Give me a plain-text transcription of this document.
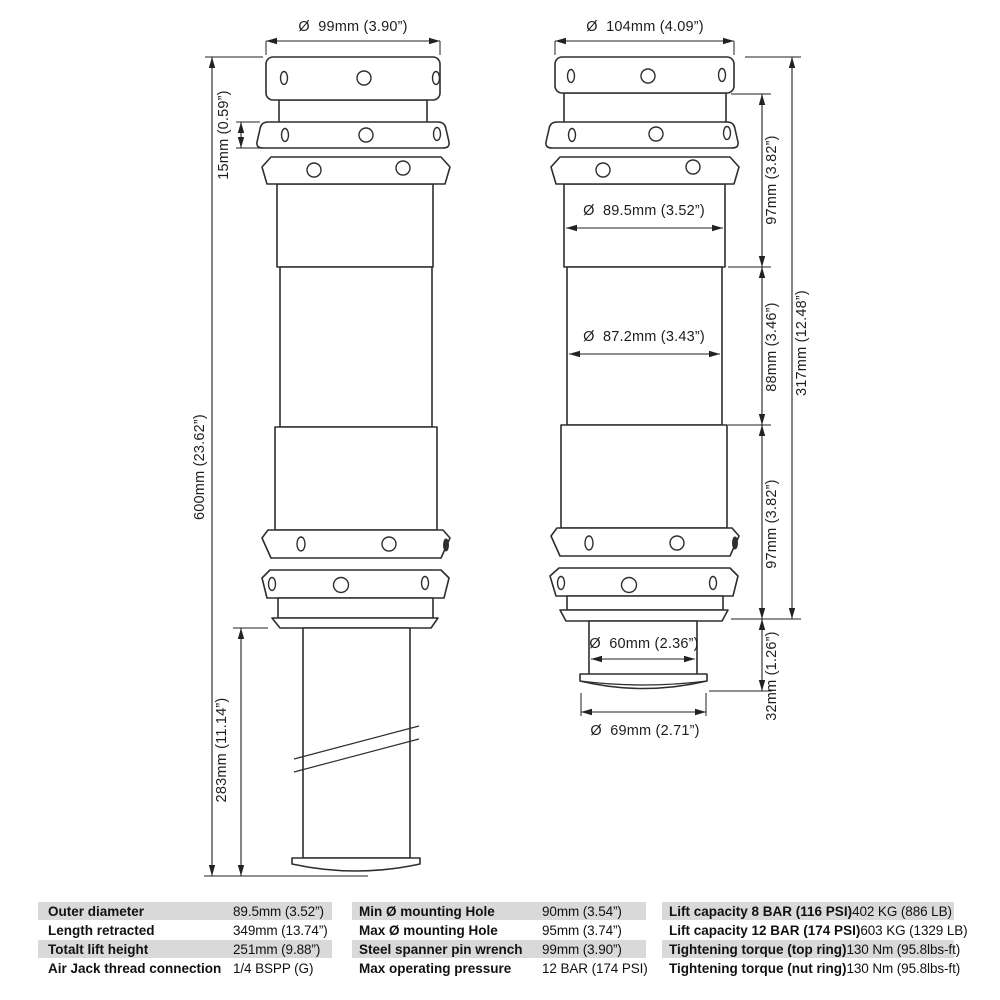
Ø  99mm (3.90”)
600mm (23.62”)
15mm (0.59”)
283mm (11.14”)
Ø  104mm (4.09”)
Ø  89.5mm (3.52”)
Ø  87.2mm (3.43”)
Ø  60mm (2.36”)
Ø  69mm (2.71”)
97mm (3.82”)
88mm (3.46”)
97mm (3.82”)
32mm (1.26”)
317mm (12.48”)
Outer diameter	89.5mm (3.52”)
Length retracted	349mm (13.74”)
Totalt lift height	251mm (9.88”)
Air Jack thread connection 1/4 BSPP (G)
Min Ø mounting Hole	90mm (3.54”)
Max Ø mounting Hole	95mm (3.74”)
Steel spanner pin wrench	99mm (3.90”)
Max operating pressure	12 BAR (174 PSI)
Lift capacity 8 BAR (116 PSI) 402 KG (886 LB)
Lift capacity 12 BAR (174 PSI) 603 KG (1329 LB)
Tightening torque (top ring) 130 Nm (95.8lbs-ft)
Tightening torque (nut ring) 130 Nm (95.8lbs-ft)
